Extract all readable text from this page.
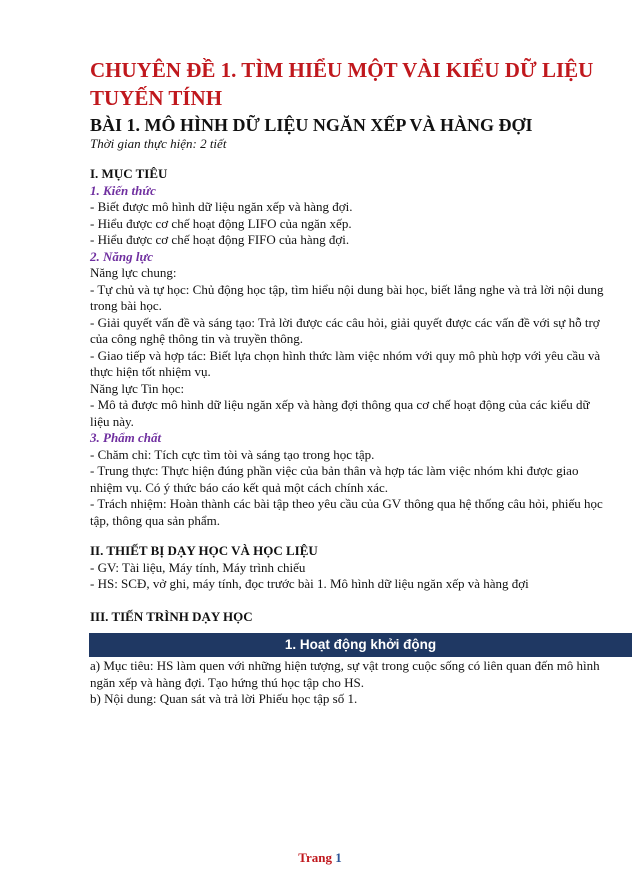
CHUYÊN ĐỀ 1. TÌM HIỂU MỘT VÀI KIỂU DỮ LIỆU TUYẾN TÍNH
BÀI 1. MÔ HÌNH DỮ LIỆU NGĂN XẾP VÀ HÀNG ĐỢI
Thời gian thực hiện: 2 tiết

I. MỤC TIÊU

1. Kiến thức

- Biết được mô hình dữ liệu ngăn xếp và hàng đợi.

- Hiểu được cơ chế hoạt động LIFO của ngăn xếp.

- Hiểu được cơ chế hoạt động FIFO của hàng đợi.

2. Năng lực

Năng lực chung:

- Tự chủ và tự học: Chủ động học tập, tìm hiểu nội dung bài học, biết lắng nghe và trả lời nội dung trong bài học.

- Giải quyết vấn đề và sáng tạo: Trả lời được các câu hỏi, giải quyết được các vấn đề với sự hỗ trợ của công nghệ thông tin và truyền thông.

- Giao tiếp và hợp tác: Biết lựa chọn hình thức làm việc nhóm với quy mô phù hợp với yêu cầu và thực hiện tốt nhiệm vụ.

Năng lực Tin học:

- Mô tả được mô hình dữ liệu ngăn xếp và hàng đợi thông qua cơ chế hoạt động của các kiểu dữ liệu này.

3. Phẩm chất

- Chăm chỉ: Tích cực tìm tòi và sáng tạo trong học tập.

- Trung thực: Thực hiện đúng phần việc của bản thân và hợp tác làm việc nhóm khi được giao nhiệm vụ. Có ý thức báo cáo kết quả một cách chính xác.

- Trách nhiệm: Hoàn thành các bài tập theo yêu cầu của GV thông qua hệ thống câu hỏi, phiếu học tập, thông qua sản phẩm.

II. THIẾT BỊ DẠY HỌC VÀ HỌC LIỆU

- GV: Tài liệu, Máy tính, Máy trình chiếu

- HS: SCĐ, vở ghi, máy tính, đọc trước bài 1. Mô hình dữ liệu ngăn xếp và hàng đợi

III. TIẾN TRÌNH DẠY HỌC

1. Hoạt động khởi động

a) Mục tiêu: HS làm quen với những hiện tượng, sự vật trong cuộc sống có liên quan đến mô hình ngăn xếp và hàng đợi. Tạo hứng thú học tập cho HS.

b) Nội dung: Quan sát và trả lời Phiếu học tập số 1.

Trang 1
